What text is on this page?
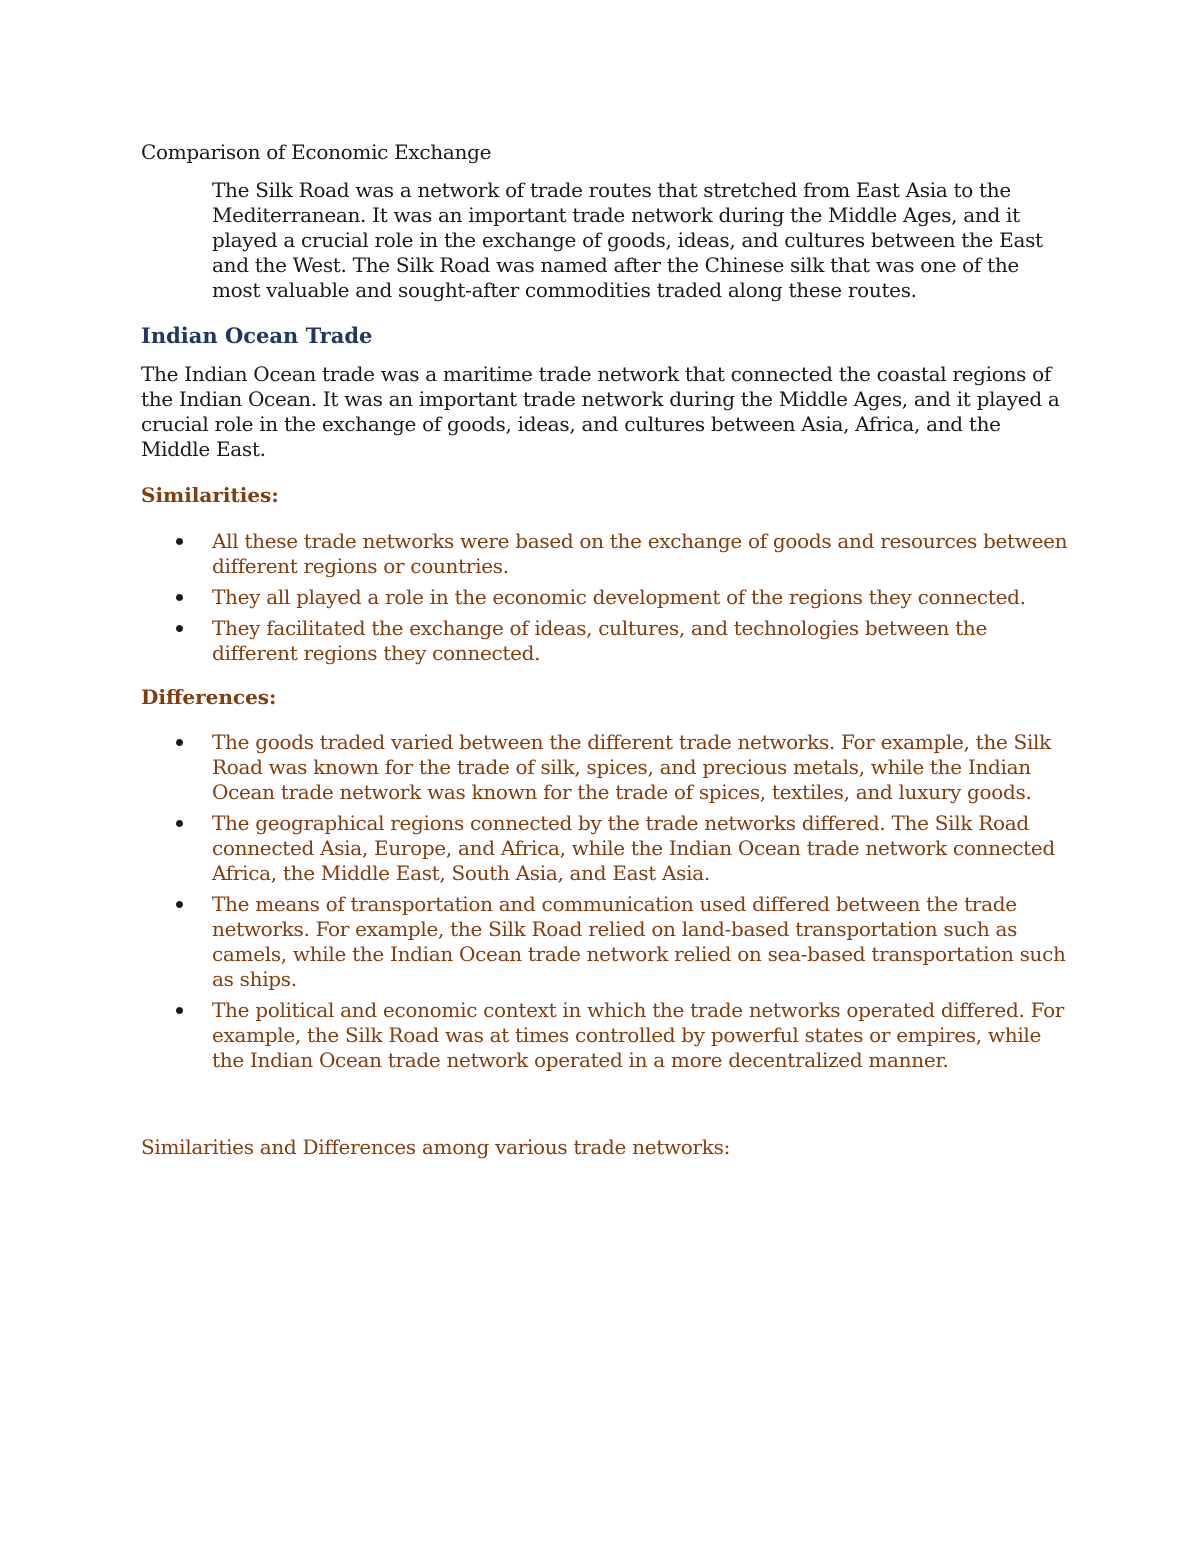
Comparison of Economic Exchange

The Silk Road was a network of trade routes that stretched from East Asia to the Mediterranean. It was an important trade network during the Middle Ages, and it played a crucial role in the exchange of goods, ideas, and cultures between the East and the West. The Silk Road was named after the Chinese silk that was one of the most valuable and sought-after commodities traded along these routes.

Indian Ocean Trade

The Indian Ocean trade was a maritime trade network that connected the coastal regions of the Indian Ocean. It was an important trade network during the Middle Ages, and it played a crucial role in the exchange of goods, ideas, and cultures between Asia, Africa, and the Middle East.

Similarities:
All these trade networks were based on the exchange of goods and resources between different regions or countries.
They all played a role in the economic development of the regions they connected.
They facilitated the exchange of ideas, cultures, and technologies between the different regions they connected.
Differences:
The goods traded varied between the different trade networks. For example, the Silk Road was known for the trade of silk, spices, and precious metals, while the Indian Ocean trade network was known for the trade of spices, textiles, and luxury goods.
The geographical regions connected by the trade networks differed. The Silk Road connected Asia, Europe, and Africa, while the Indian Ocean trade network connected Africa, the Middle East, South Asia, and East Asia.
The means of transportation and communication used differed between the trade networks. For example, the Silk Road relied on land-based transportation such as camels, while the Indian Ocean trade network relied on sea-based transportation such as ships.
The political and economic context in which the trade networks operated differed. For example, the Silk Road was at times controlled by powerful states or empires, while the Indian Ocean trade network operated in a more decentralized manner.

Similarities and Differences among various trade networks:
